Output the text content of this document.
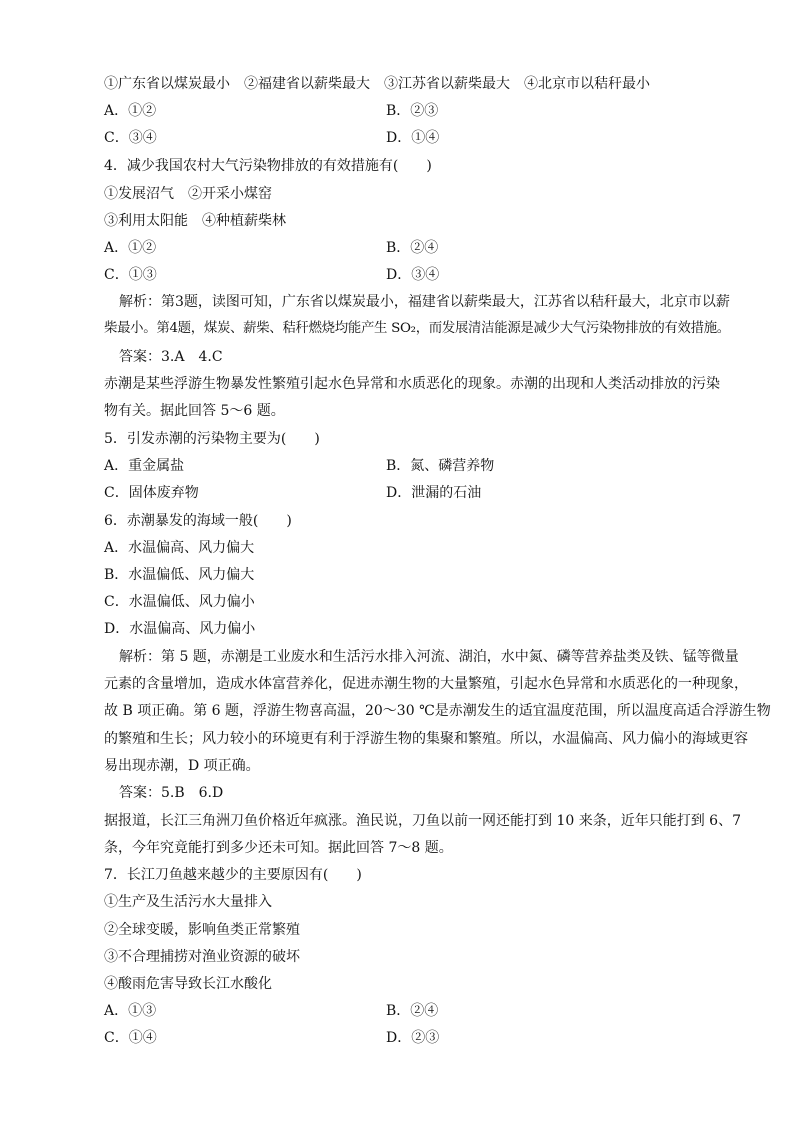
①广东省以煤炭最小　②福建省以薪柴最大　③江苏省以薪柴最大　④北京市以秸秆最小
A．①②	B．②③
C．③④	D．①④
4．减少我国农村大气污染物排放的有效措施有(　　)
①发展沼气　②开采小煤窑
③利用太阳能　④种植薪柴林
A．①②	B．②④
C．①③	D．③④
解析：第3题，读图可知，广东省以煤炭最小，福建省以薪柴最大，江苏省以秸秆最大，北京市以薪
柴最小。第4题，煤炭、薪柴、秸秆燃烧均能产生 SO₂，而发展清洁能源是减少大气污染物排放的有效措施。
答案：3.A　4.C
赤潮是某些浮游生物暴发性繁殖引起水色异常和水质恶化的现象。赤潮的出现和人类活动排放的污染
物有关。据此回答 5～6 题。
5．引发赤潮的污染物主要为(　　)
A．重金属盐	B．氮、磷营养物
C．固体废弃物	D．泄漏的石油
6．赤潮暴发的海域一般(　　)
A．水温偏高、风力偏大
B．水温偏低、风力偏大
C．水温偏低、风力偏小
D．水温偏高、风力偏小
解析：第 5 题，赤潮是工业废水和生活污水排入河流、湖泊，水中氮、磷等营养盐类及铁、锰等微量
元素的含量增加，造成水体富营养化，促进赤潮生物的大量繁殖，引起水色异常和水质恶化的一种现象，
故 B 项正确。第 6 题，浮游生物喜高温，20～30 ℃是赤潮发生的适宜温度范围，所以温度高适合浮游生物
的繁殖和生长；风力较小的环境更有利于浮游生物的集聚和繁殖。所以，水温偏高、风力偏小的海域更容
易出现赤潮，D 项正确。
答案：5.B　6.D
据报道，长江三角洲刀鱼价格近年疯涨。渔民说，刀鱼以前一网还能打到 10 来条，近年只能打到 6、7
条，今年究竟能打到多少还未可知。据此回答 7～8 题。
7．长江刀鱼越来越少的主要原因有(　　)
①生产及生活污水大量排入
②全球变暖，影响鱼类正常繁殖
③不合理捕捞对渔业资源的破坏
④酸雨危害导致长江水酸化
A．①③	B．②④
C．①④	D．②③
